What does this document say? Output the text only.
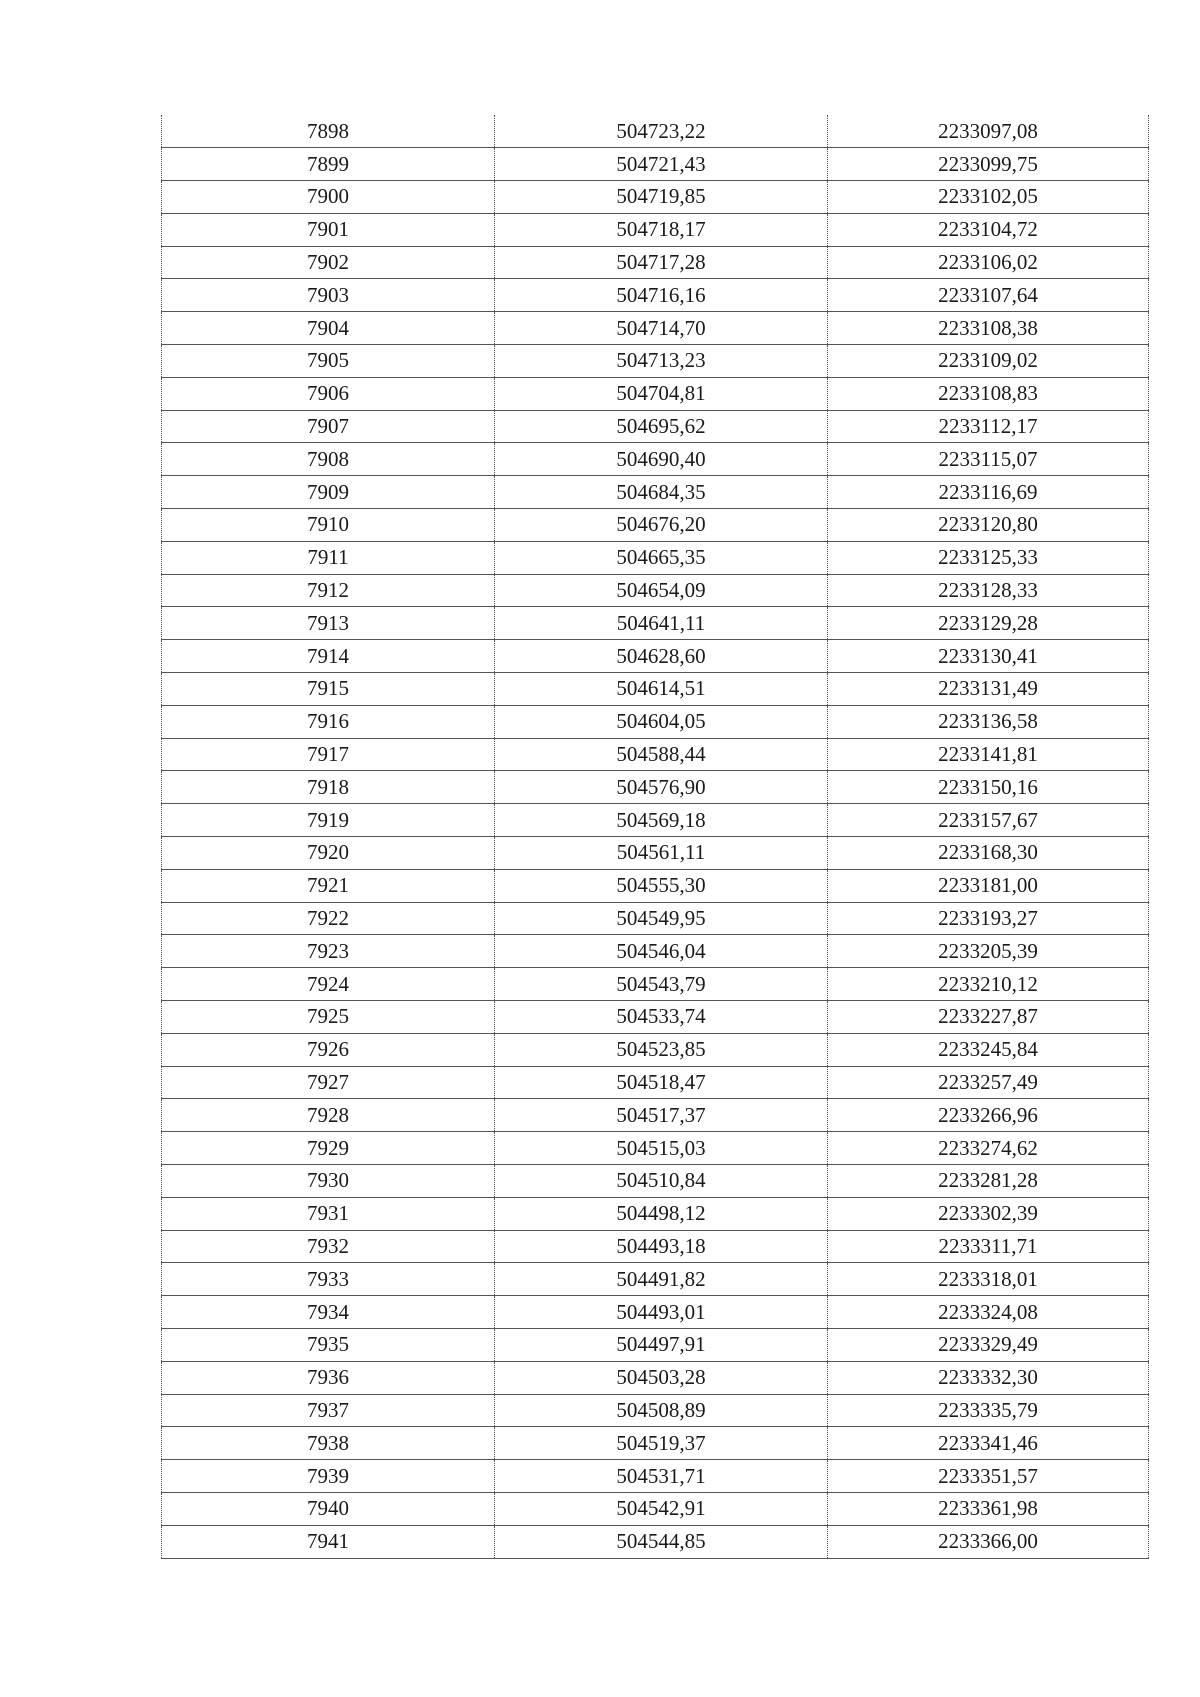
7898	504723,22	2233097,08
7899	504721,43	2233099,75
7900	504719,85	2233102,05
7901	504718,17	2233104,72
7902	504717,28	2233106,02
7903	504716,16	2233107,64
7904	504714,70	2233108,38
7905	504713,23	2233109,02
7906	504704,81	2233108,83
7907	504695,62	2233112,17
7908	504690,40	2233115,07
7909	504684,35	2233116,69
7910	504676,20	2233120,80
7911	504665,35	2233125,33
7912	504654,09	2233128,33
7913	504641,11	2233129,28
7914	504628,60	2233130,41
7915	504614,51	2233131,49
7916	504604,05	2233136,58
7917	504588,44	2233141,81
7918	504576,90	2233150,16
7919	504569,18	2233157,67
7920	504561,11	2233168,30
7921	504555,30	2233181,00
7922	504549,95	2233193,27
7923	504546,04	2233205,39
7924	504543,79	2233210,12
7925	504533,74	2233227,87
7926	504523,85	2233245,84
7927	504518,47	2233257,49
7928	504517,37	2233266,96
7929	504515,03	2233274,62
7930	504510,84	2233281,28
7931	504498,12	2233302,39
7932	504493,18	2233311,71
7933	504491,82	2233318,01
7934	504493,01	2233324,08
7935	504497,91	2233329,49
7936	504503,28	2233332,30
7937	504508,89	2233335,79
7938	504519,37	2233341,46
7939	504531,71	2233351,57
7940	504542,91	2233361,98
7941	504544,85	2233366,00
